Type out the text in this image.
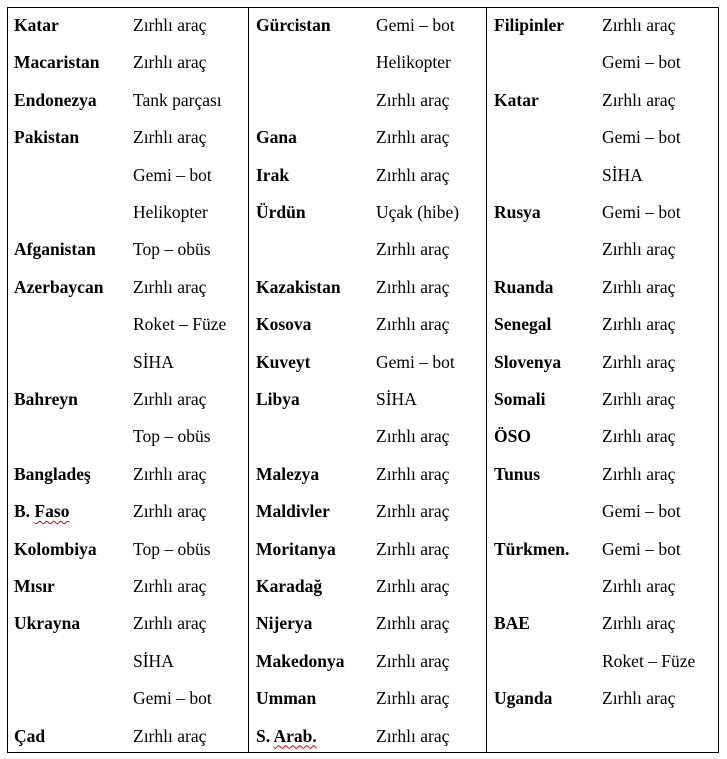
Katar	Zırhlı araç
Macaristan Zırhlı araç
Endonezya Tank parçası
Pakistan	Zırhlı araç
Gemi – bot
Helikopter
Afganistan Top – obüs
Azerbaycan Zırhlı araç
Roket – Füze
SİHA
Bahreyn	Zırhlı araç
Top – obüs
Bangladeş Zırhlı araç
B. Faso	Zırhlı araç
Kolombiya Top – obüs
Mısır	Zırhlı araç
Ukrayna	Zırhlı araç
SİHA
Gemi – bot
Çad	Zırhlı araç
Gürcistan	Gemi – bot
Helikopter
Zırhlı araç
Gana	Zırhlı araç
Irak	Zırhlı araç
Ürdün	Uçak (hibe)
Zırhlı araç
Kazakistan Zırhlı araç
Kosova	Zırhlı araç
Kuveyt	Gemi – bot
Libya	SİHA
Zırhlı araç
Malezya	Zırhlı araç
Maldivler	Zırhlı araç
Moritanya Zırhlı araç
Karadağ	Zırhlı araç
Nijerya	Zırhlı araç
Makedonya Zırhlı araç
Umman	Zırhlı araç
S. Arab.	Zırhlı araç
Filipinler Zırhlı araç
Gemi – bot
Katar	Zırhlı araç
Gemi – bot
SİHA
Rusya	Gemi – bot
Zırhlı araç
Ruanda	Zırhlı araç
Senegal	Zırhlı araç
Slovenya Zırhlı araç
Somali	Zırhlı araç
ÖSO	Zırhlı araç
Tunus	Zırhlı araç
Gemi – bot
Türkmen. Gemi – bot
Zırhlı araç
BAE	Zırhlı araç
Roket – Füze
Uganda	Zırhlı araç
